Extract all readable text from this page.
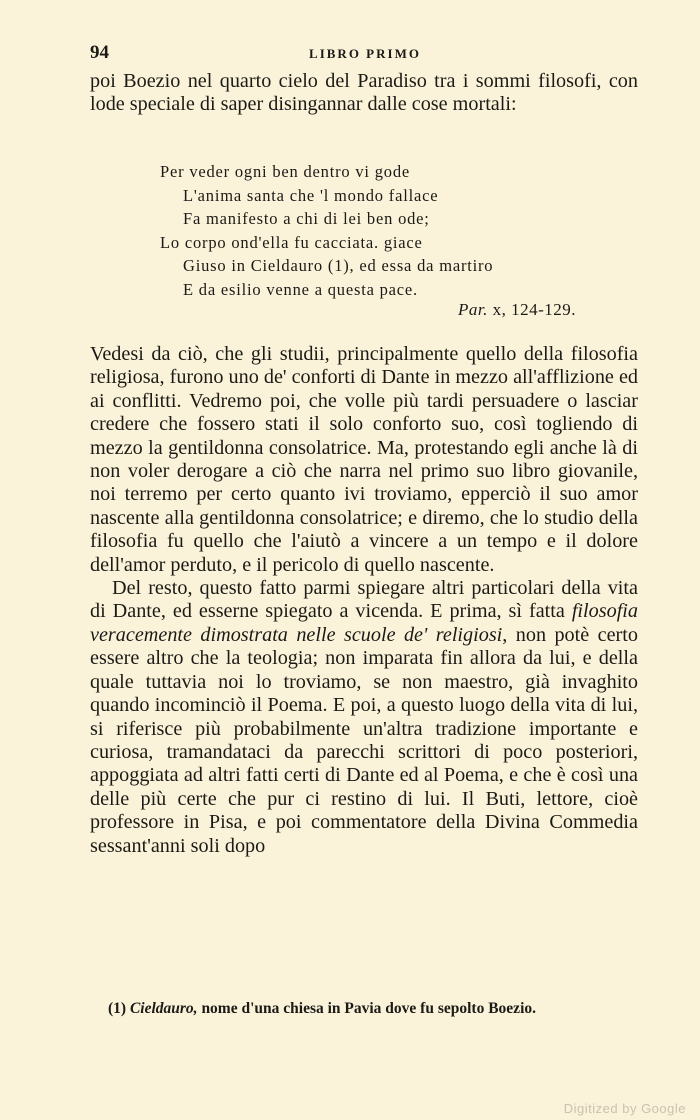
94	LIBRO PRIMO

poi Boezio nel quarto cielo del Paradiso tra i sommi filosofi, con lode speciale di saper disingannar dalle cose mortali:

Per veder ogni ben dentro vi gode
L'anima santa che 'l mondo fallace
Fa manifesto a chi di lei ben ode;
Lo corpo ond'ella fu cacciata. giace
Giuso in Cieldauro (1), ed essa da martiro
E da esilio venne a questa pace.
Par. x, 124-129.

Vedesi da ciò, che gli studii, principalmente quello della filosofia religiosa, furono uno de' conforti di Dante in mezzo all'afflizione ed ai conflitti. Vedremo poi, che volle più tardi persuadere o lasciar credere che fossero stati il solo conforto suo, così togliendo di mezzo la gentildonna consolatrice. Ma, protestando egli anche là di non voler derogare a ciò che narra nel primo suo libro giovanile, noi terremo per certo quanto ivi troviamo, epperciò il suo amor nascente alla gentildonna consolatrice; e diremo, che lo studio della filosofia fu quello che l'aiutò a vincere a un tempo e il dolore dell'amor perduto, e il pericolo di quello nascente.

Del resto, questo fatto parmi spiegare altri particolari della vita di Dante, ed esserne spiegato a vicenda. E prima, sì fatta filosofia veracemente dimostrata nelle scuole de' religiosi, non potè certo essere altro che la teologia; non imparata fin allora da lui, e della quale tuttavia noi lo troviamo, se non maestro, già invaghito quando incominciò il Poema. E poi, a questo luogo della vita di lui, si riferisce più probabilmente un'altra tradizione importante e curiosa, tramandataci da parecchi scrittori di poco posteriori, appoggiata ad altri fatti certi di Dante ed al Poema, e che è così una delle più certe che pur ci restino di lui. Il Buti, lettore, cioè professore in Pisa, e poi commentatore della Divina Commedia sessant'anni soli dopo

(1) Cieldauro, nome d'una chiesa in Pavia dove fu sepolto Boezio.
Digitized by Google
